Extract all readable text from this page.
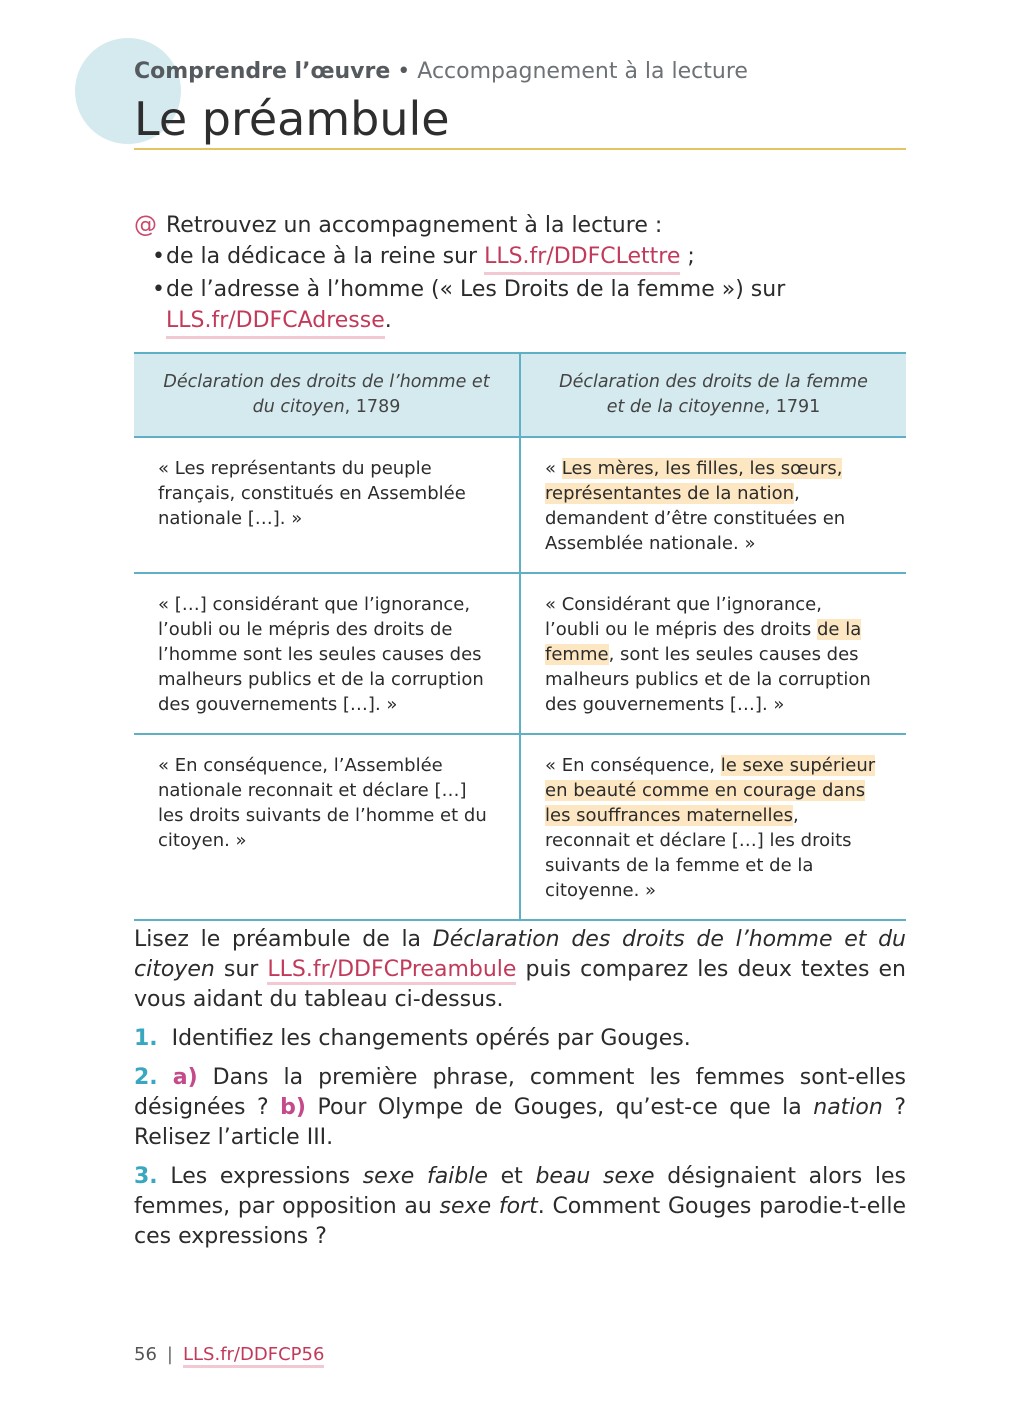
Comprendre l’œuvre • Accompagnement à la lecture
Le préambule
@ Retrouvez un accompagnement à la lecture :
• de la dédicace à la reine sur
LLS.fr/DDFCLettre
;
• de l’adresse à l’homme (« Les Droits de la femme ») sur
LLS.fr/DDFCAdresse .
Déclaration des droits de l’homme et du citoyen, 1789	Déclaration des droits de la femme et de la citoyenne, 1791
« Les représentants du peuple français, constitués en Assemblée nationale […]. »	« Les mères, les filles, les sœurs, représentantes de la nation, demandent d’être constituées en Assemblée nationale. »
« […] considérant que l’ignorance, l’oubli ou le mépris des droits de l’homme sont les seules causes des malheurs publics et de la corruption des gouvernements […]. »	« Considérant que l’ignorance, l’oubli ou le mépris des droits de la femme, sont les seules causes des malheurs publics et de la corruption des gouvernements […]. »
« En conséquence, l’Assemblée nationale reconnait et déclare […] les droits suivants de l’homme et du citoyen. »	« En conséquence, le sexe supérieur en beauté comme en courage dans les souffrances maternelles, reconnait et déclare […] les droits suivants de la femme et de la citoyenne. »

Lisez le préambule de la Déclaration des droits de l’homme et du citoyen sur LLS.fr/DDFCPreambule puis comparez les deux textes en vous aidant du tableau ci-dessus.

1. Identifiez les changements opérés par Gouges.

2. a) Dans la première phrase, comment les femmes sont-elles désignées ? b) Pour Olympe de Gouges, qu’est-ce que la nation ? Relisez l’article III.

3. Les expressions sexe faible et beau sexe désignaient alors les femmes, par opposition au sexe fort. Comment Gouges parodie-t-elle ces expressions ?

56 | LLS.fr/DDFCP56
